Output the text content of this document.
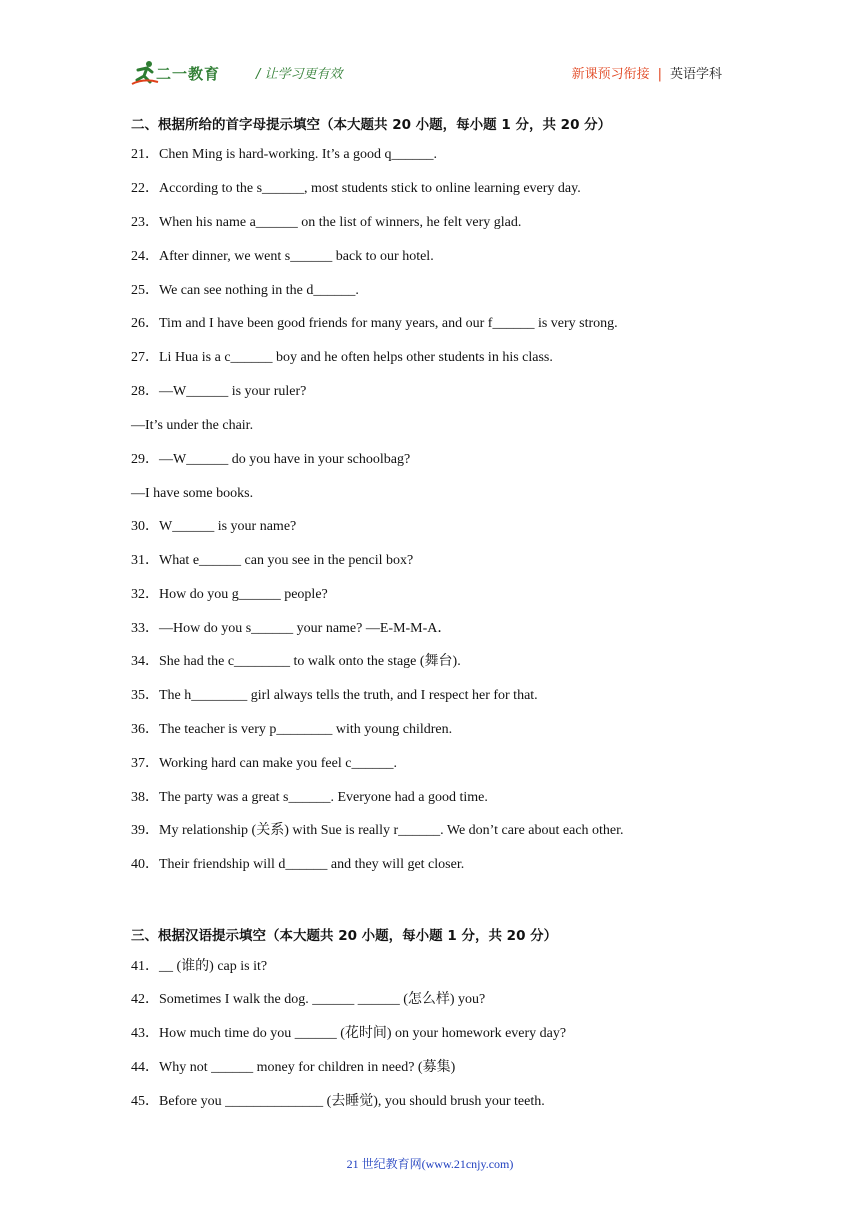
二一教育	/ 让学习更有效	新课预习衔接 | 英语学科
二、根据所给的首字母提示填空（本大题共 20 小题，每小题 1 分，共 20 分）
21．Chen Ming is hard-working. It’s a good q______.
22．According to the s______, most students stick to online learning every day.
23．When his name a______ on the list of winners, he felt very glad.
24．After dinner, we went s______ back to our hotel.
25．We can see nothing in the d______.
26．Tim and I have been good friends for many years, and our f______ is very strong.
27．Li Hua is a c______ boy and he often helps other students in his class.
28．—W______ is your ruler?
—It’s under the chair.
29．—W______ do you have in your schoolbag?
—I have some books.
30．W______ is your name?
31．What e______ can you see in the pencil box?
32．How do you g______ people?
33．—How do you s______ your name? —E-M-M-A．
34．She had the c________ to walk onto the stage (舞台).
35．The h________ girl always tells the truth, and I respect her for that.
36．The teacher is very p________ with young children.
37．Working hard can make you feel c______.
38．The party was a great s______. Everyone had a good time.
39．My relationship (关系) with Sue is really r______. We don’t care about each other.
40．Their friendship will d______ and they will get closer.
三、根据汉语提示填空（本大题共 20 小题，每小题 1 分，共 20 分）
41．__ (谁的) cap is it?
42．Sometimes I walk the dog. ______ ______ (怎么样) you?
43．How much time do you ______ (花时间) on your homework every day?
44．Why not ______ money for children in need? (募集)
45．Before you ______________ (去睡觉), you should brush your teeth.
21 世纪教育网(www.21cnjy.com)
